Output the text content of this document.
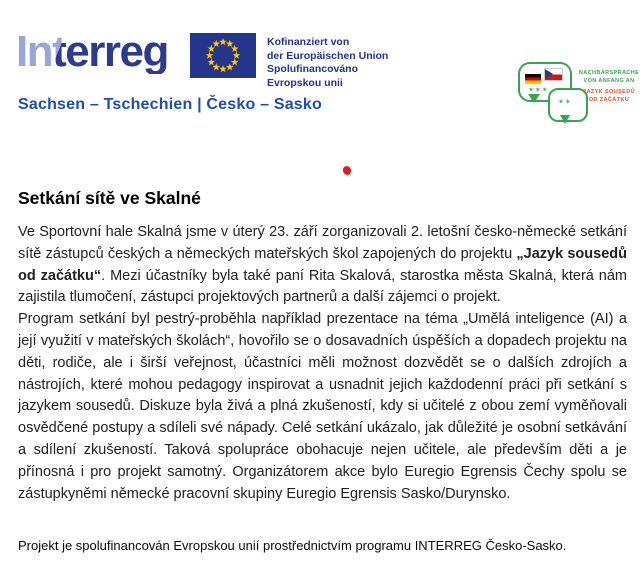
Interreg	Kofinanziert von
der Europäischen Union
Spolufinancováno
Evropskou unii
Sachsen – Tschechien | Česko – Sasko
✶✶✶
✶✶
NACHBARSPRACHE
VON ANFANG AN
JAZYK SOUSEDŮ
OD ZAČÁTKU
Setkání sítě ve Skalné

Ve Sportovní hale Skalná jsme v úterý 23. září zorganizovali 2. letošní česko-německé setkání sítě zástupců českých a německých mateřských škol zapojených do projektu „Jazyk sousedů od začátku“. Mezi účastníky byla také paní Rita Skalová, starostka města Skalná, která nám zajistila tlumočení, zástupci projektových partnerů a další zájemci o projekt.

Program setkání byl pestrý-proběhla například prezentace na téma „Umělá inteligence (AI) a její využití v mateřských školách“, hovořilo se o dosavadních úspěších a dopadech projektu na děti, rodiče, ale i širší veřejnost, účastníci měli možnost dozvědět se o dalších zdrojích a nástrojích, které mohou pedagogy inspirovat a usnadnit jejich každodenní práci při setkání s jazykem sousedů. Diskuze byla živá a plná zkušeností, kdy si učitelé z obou zemí vyměňovali osvědčené postupy a sdíleli své nápady. Celé setkání ukázalo, jak důležité je osobní setkávání a sdílení zkušeností. Taková spolupráce obohacuje nejen učitele, ale především děti a je přínosná i pro projekt samotný. Organizátorem akce bylo Euregio Egrensis Čechy spolu se zástupkyněmi německé pracovní skupiny Euregio Egrensis Sasko/Durynsko.

Projekt je spolufinancován Evropskou unií prostřednictvím programu INTERREG Česko-Sasko.
